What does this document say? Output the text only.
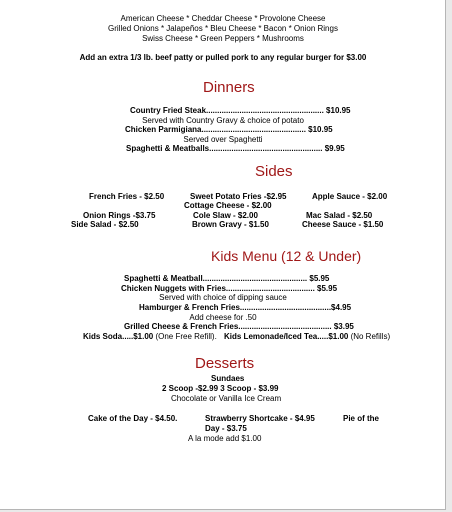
American Cheese * Cheddar Cheese * Provolone Cheese
Grilled Onions * Jalapeños * Bleu Cheese * Bacon * Onion Rings
Swiss Cheese * Green Peppers * Mushrooms
Add an extra 1/3 lb. beef patty or pulled pork to any regular burger for $3.00
Dinners
Country Fried Steak..................................................... $10.95
Served with Country Gravy & choice of potato
Chicken Parmigiana............................................... $10.95
Served over Spaghetti
Spaghetti & Meatballs................................................... $9.95
Sides
French Fries - $2.50	Sweet Potato Fries -$2.95	Apple Sauce - $2.00
Cottage Cheese - $2.00
Onion Rings -$3.75	Cole Slaw - $2.00	Mac Salad - $2.50
Side Salad - $2.50	Brown Gravy - $1.50	Cheese Sauce - $1.50
Kids Menu (12 & Under)
Spaghetti & Meatball............................................... $5.95
Chicken Nuggets with Fries........................................ $5.95
Served with choice of dipping sauce
Hamburger & French Fries.........................................$4.95
Add cheese for .50
Grilled Cheese & French Fries.......................................... $3.95
Kids Soda.....$1.00 (One Free Refill). Kids Lemonade/Iced Tea.....$1.00 (No Refills)
Desserts
Sundaes
2 Scoop -$2.99 3 Scoop - $3.99
Chocolate or Vanilla Ice Cream
Cake of the Day - $4.50.	Strawberry Shortcake - $4.95	Pie of the
Day - $3.75
A la mode add $1.00
